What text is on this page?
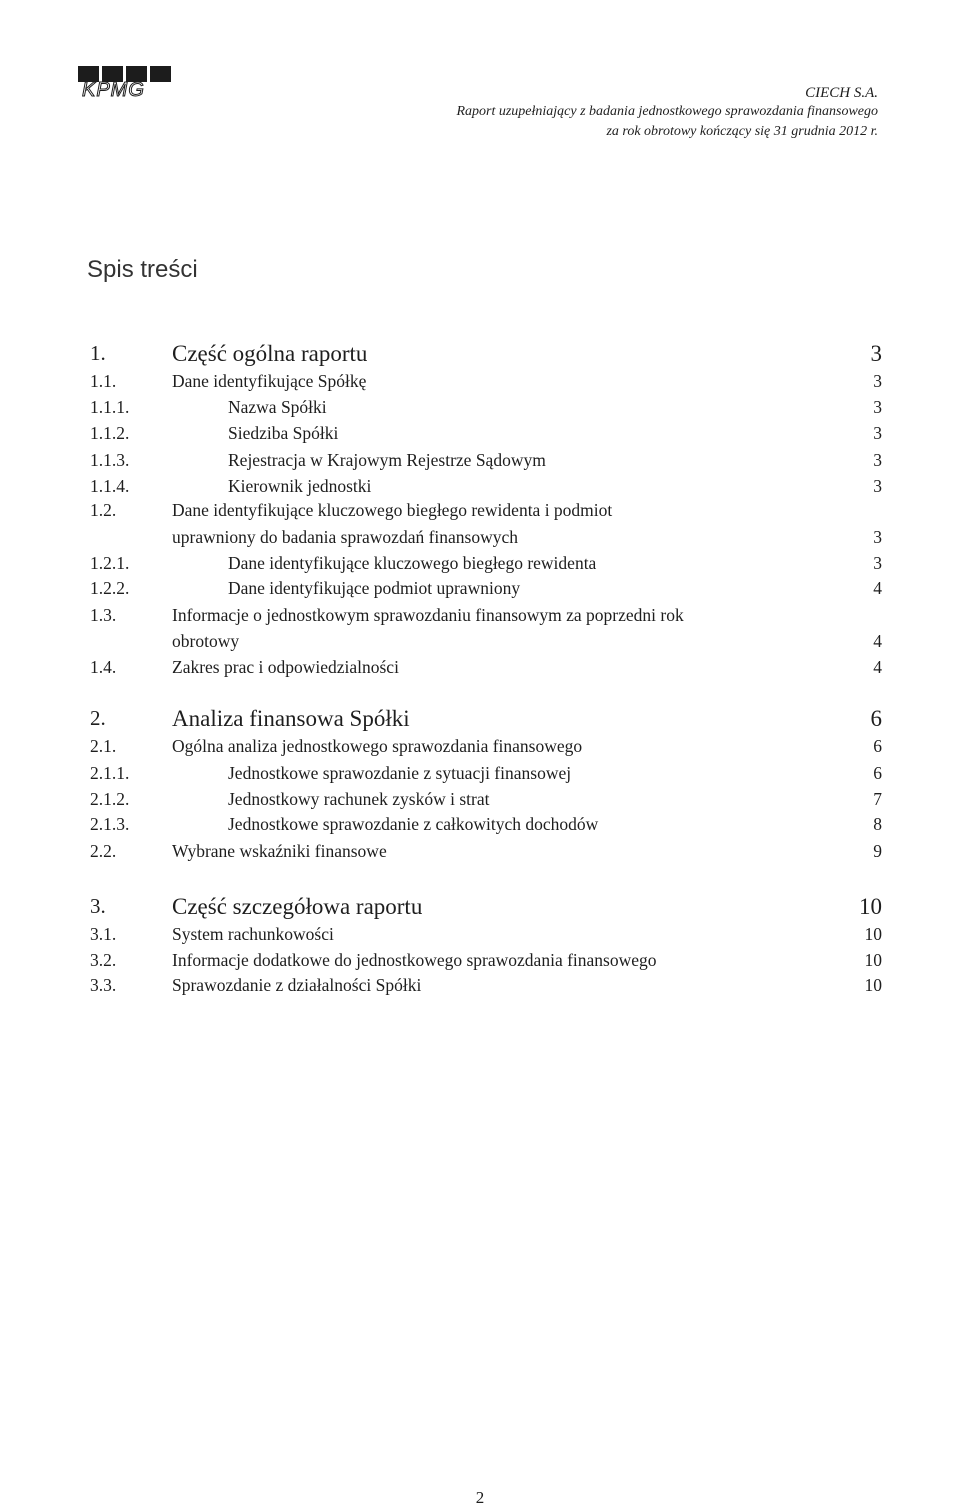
KPMG	CIECH S.A.
Raport uzupełniający z badania jednostkowego sprawozdania finansowego
za rok obrotowy kończący się 31 grudnia 2012 r.
Spis treści
1.	Część ogólna raportu	3
1.1.	Dane identyfikujące Spółkę	3
1.1.1.	Nazwa Spółki	3
1.1.2.	Siedziba Spółki	3
1.1.3.	Rejestracja w Krajowym Rejestrze Sądowym	3
1.1.4.	Kierownik jednostki	3
1.2.	Dane identyfikujące kluczowego biegłego rewidenta i podmiot
uprawniony do badania sprawozdań finansowych	3
1.2.1.	Dane identyfikujące kluczowego biegłego rewidenta	3
1.2.2.	Dane identyfikujące podmiot uprawniony	4
1.3.	Informacje o jednostkowym sprawozdaniu finansowym za poprzedni rok
obrotowy	4
1.4.	Zakres prac i odpowiedzialności	4
2.	Analiza finansowa Spółki	6
2.1.	Ogólna analiza jednostkowego sprawozdania finansowego	6
2.1.1.	Jednostkowe sprawozdanie z sytuacji finansowej	6
2.1.2.	Jednostkowy rachunek zysków i strat	7
2.1.3.	Jednostkowe sprawozdanie z całkowitych dochodów	8
2.2.	Wybrane wskaźniki finansowe	9
3.	Część szczegółowa raportu	10
3.1.	System rachunkowości	10
3.2.	Informacje dodatkowe do jednostkowego sprawozdania finansowego	10
3.3.	Sprawozdanie z działalności Spółki	10
2
